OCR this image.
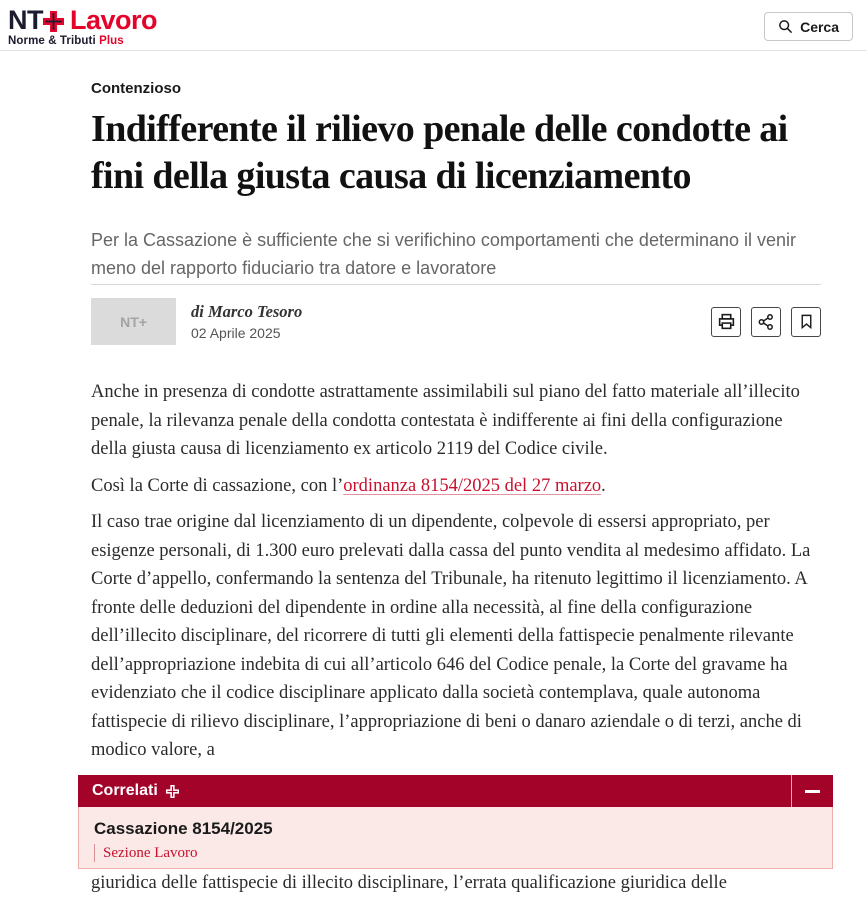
NT Lavoro
Norme & Tributi Plus
Cerca
Contenzioso
Indifferente il rilievo penale delle condotte ai fini della giusta causa di licenziamento

Per la Cassazione è sufficiente che si verifichino comportamenti che determinano il venir meno del rapporto fiduciario tra datore e lavoratore

NT+
di Marco Tesoro
02 Aprile 2025

Anche in presenza di condotte astrattamente assimilabili sul piano del fatto materiale all’illecito penale, la rilevanza penale della condotta contestata è indifferente ai fini della configurazione della giusta causa di licenziamento ex articolo 2119 del Codice civile.

Così la Corte di cassazione, con l’ordinanza 8154/2025 del 27 marzo.

Il caso trae origine dal licenziamento di un dipendente, colpevole di essersi appropriato, per esigenze personali, di 1.300 euro prelevati dalla cassa del punto vendita al medesimo affidato. La Corte d’appello, confermando la sentenza del Tribunale, ha ritenuto legittimo il licenziamento. A fronte delle deduzioni del dipendente in ordine alla necessità, al fine della configurazione dell’illecito disciplinare, del ricorrere di tutti gli elementi della fattispecie penalmente rilevante dell’appropriazione indebita di cui all’articolo 646 del Codice penale, la Corte del gravame ha evidenziato che il codice disciplinare applicato dalla società contemplava, quale autonoma fattispecie di rilievo disciplinare, l’appropriazione di beni o danaro aziendale o di terzi, anche di modico valore, a

giuridica delle fattispecie di illecito disciplinare, l’errata qualificazione giuridica delle

Correlati
Cassazione 8154/2025
Sezione Lavoro
